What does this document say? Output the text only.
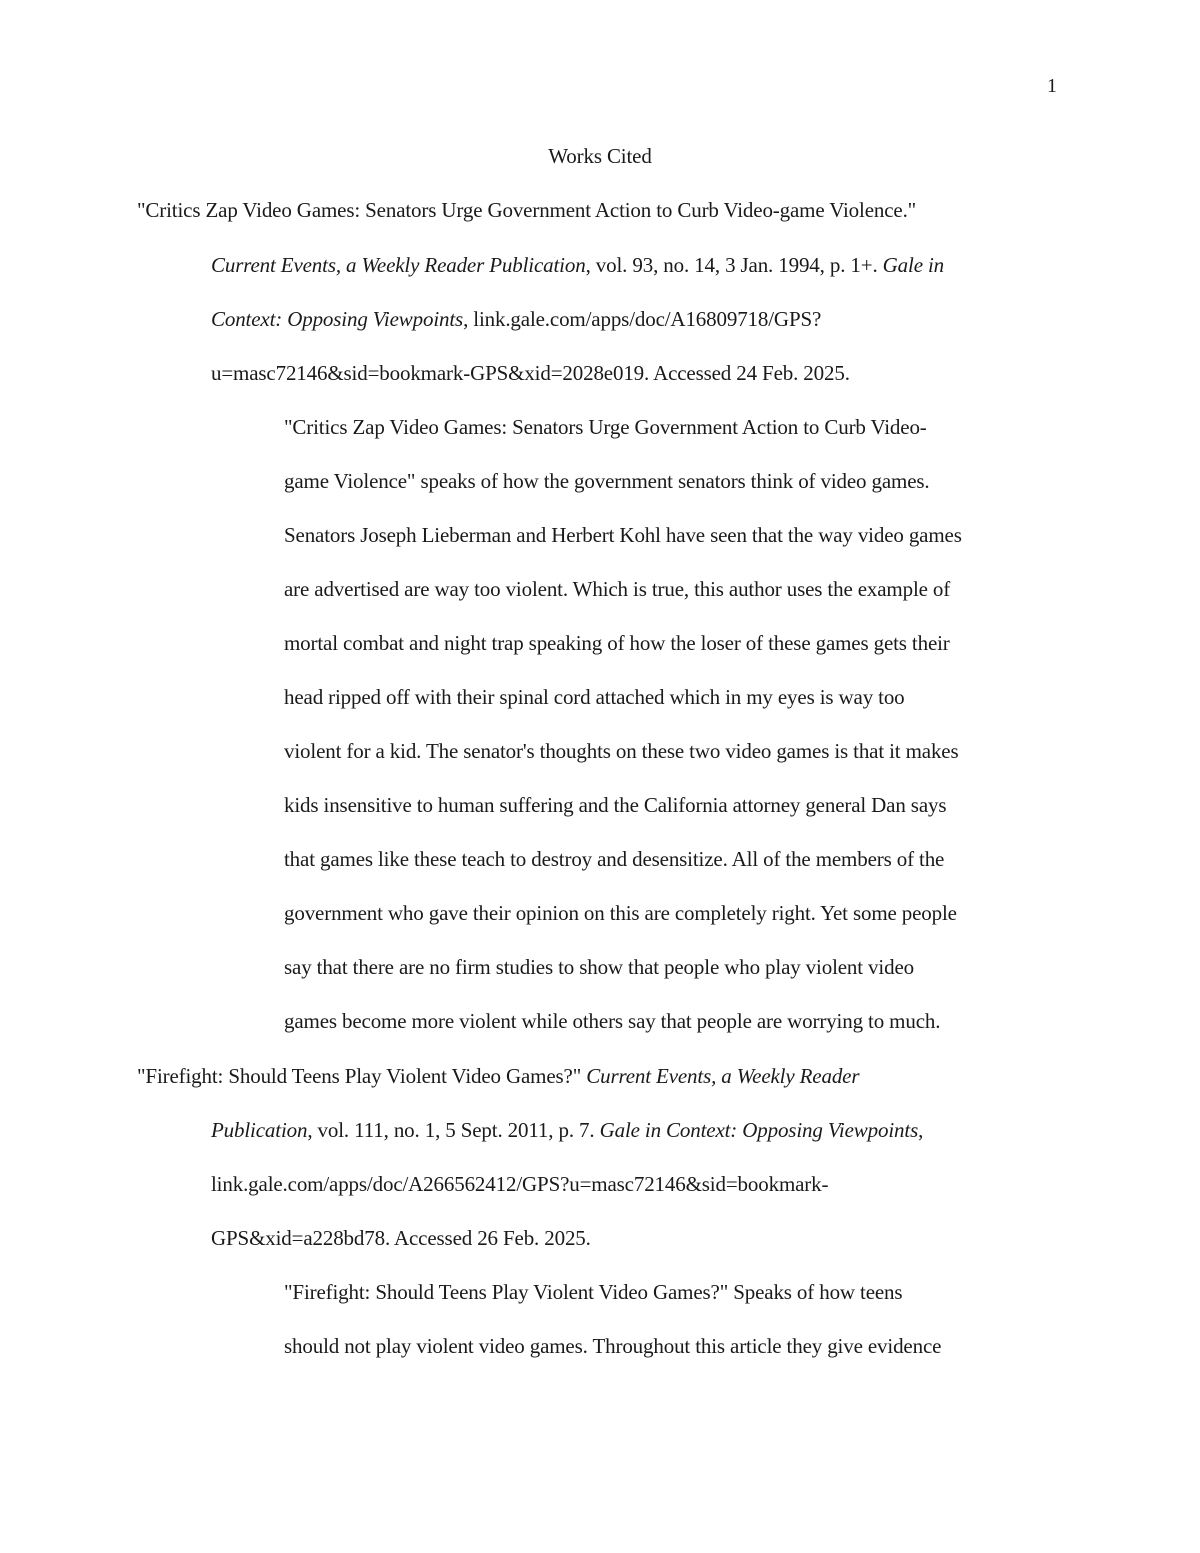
1
Works Cited
"Critics Zap Video Games: Senators Urge Government Action to Curb Video-game Violence."
Current Events, a Weekly Reader Publication, vol. 93, no. 14, 3 Jan. 1994, p. 1+. Gale in
Context: Opposing Viewpoints, link.gale.com/apps/doc/A16809718/GPS?
u=masc72146&sid=bookmark-GPS&xid=2028e019. Accessed 24 Feb. 2025.
"Critics Zap Video Games: Senators Urge Government Action to Curb Video-
game Violence" speaks of how the government senators think of video games.
Senators Joseph Lieberman and Herbert Kohl have seen that the way video games
are advertised are way too violent. Which is true, this author uses the example of
mortal combat and night trap speaking of how the loser of these games gets their
head ripped off with their spinal cord attached which in my eyes is way too
violent for a kid. The senator's thoughts on these two video games is that it makes
kids insensitive to human suffering and the California attorney general Dan says
that games like these teach to destroy and desensitize. All of the members of the
government who gave their opinion on this are completely right. Yet some people
say that there are no firm studies to show that people who play violent video
games become more violent while others say that people are worrying to much.
"Firefight: Should Teens Play Violent Video Games?" Current Events, a Weekly Reader
Publication, vol. 111, no. 1, 5 Sept. 2011, p. 7. Gale in Context: Opposing Viewpoints,
link.gale.com/apps/doc/A266562412/GPS?u=masc72146&sid=bookmark-
GPS&xid=a228bd78. Accessed 26 Feb. 2025.
"Firefight: Should Teens Play Violent Video Games?" Speaks of how teens
should not play violent video games. Throughout this article they give evidence
